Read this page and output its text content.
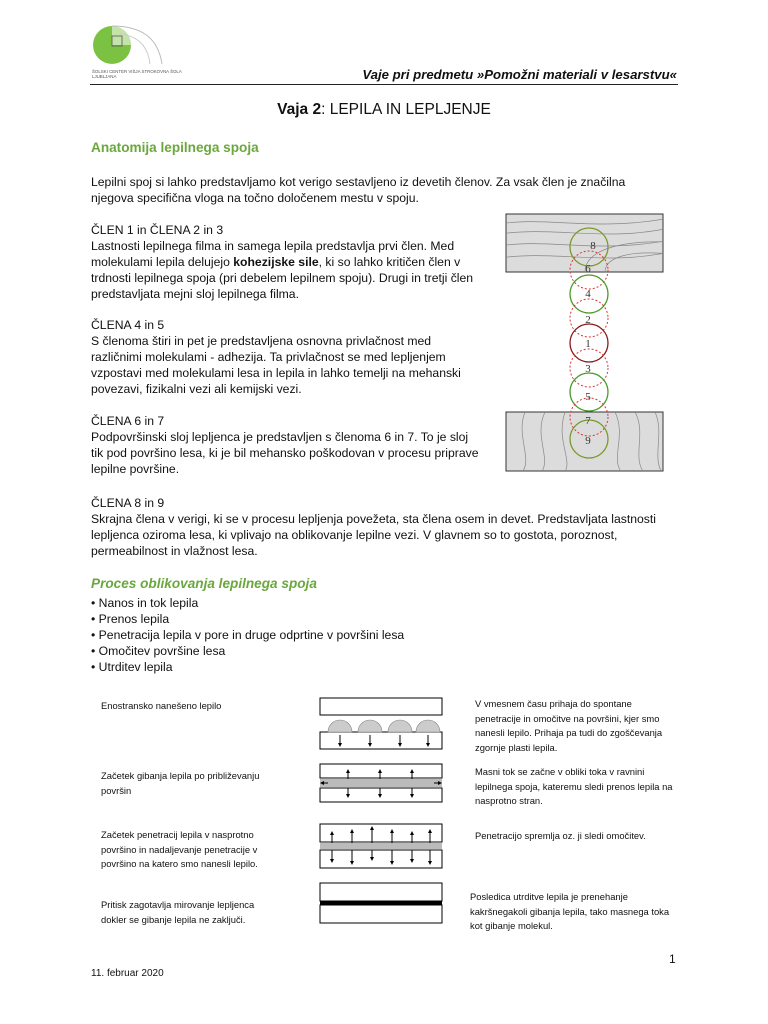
ŠOLSKI CENTER VIŠJA STROKOVNA ŠOLA
LJUBLJANA	Vaje pri predmetu »Pomožni materiali v lesarstvu«
Vaja 2: LEPILA IN LEPLJENJE
Anatomija lepilnega spoja

Lepilni spoj si lahko predstavljamo kot verigo sestavljeno iz devetih členov. Za vsak člen je značilna njegova specifična vloga na točno določenem mestu v spoju.

ČLEN 1 in ČLENA 2 in 3

Lastnosti lepilnega filma in samega lepila predstavlja prvi člen. Med molekulami lepila delujejo kohezijske sile, ki so lahko kritičen člen v trdnosti lepilnega spoja (pri debelem lepilnem spoju). Drugi in tretji člen predstavljata mejni sloj lepilnega filma.

ČLENA 4 in 5

S členoma štiri in pet je predstavljena osnovna privlačnost med različnimi molekulami - adhezija. Ta privlačnost se med lepljenjem vzpostavi med molekulami lesa in lepila in lahko temelji na mehanski povezavi, fizikalni vezi ali kemijski vezi.

ČLENA 6 in 7

Podpovršinski sloj lepljenca je predstavljen s členoma 6 in 7. To je sloj tik pod površino lesa, ki je bil mehansko poškodovan v procesu priprave lepilne površine.

ČLENA 8 in 9

Skrajna člena v verigi, ki se v procesu lepljenja povežeta, sta člena osem in devet. Predstavljata lastnosti lepljenca oziroma lesa, ki vplivajo na oblikovanje lepilne vezi. V glavnem so to gostota, poroznost, permeabilnost in vlažnost lesa.

8
6
4
2
1
3
5
7
9
Proces oblikovanja lepilnega spoja
• Nanos in tok lepila
• Prenos lepila
• Penetracija lepila v pore in druge odprtine v površini lesa
• Omočitev površine lesa
• Utrditev lepila
Enostransko nanešeno lepilo
Začetek gibanja lepila po približevanju površin
Začetek penetracij lepila v nasprotno površino in nadaljevanje penetracije v površino na katero smo nanesli lepilo.
Pritisk zagotavlja mirovanje lepljenca dokler se gibanje lepila ne zaključi.
V vmesnem času prihaja do spontane penetracije in omočitve na površini, kjer smo nanesli lepilo. Prihaja pa tudi do zgoščevanja zgornje plasti lepila.
Masni tok se začne v obliki toka v ravnini lepilnega spoja, kateremu sledi prenos lepila na nasprotno stran.
Penetracijo spremlja oz. ji sledi omočitev.
Posledica utrditve lepila je prenehanje kakršnegakoli gibanja lepila, tako masnega toka kot gibanje molekul.
1
11. februar 2020
